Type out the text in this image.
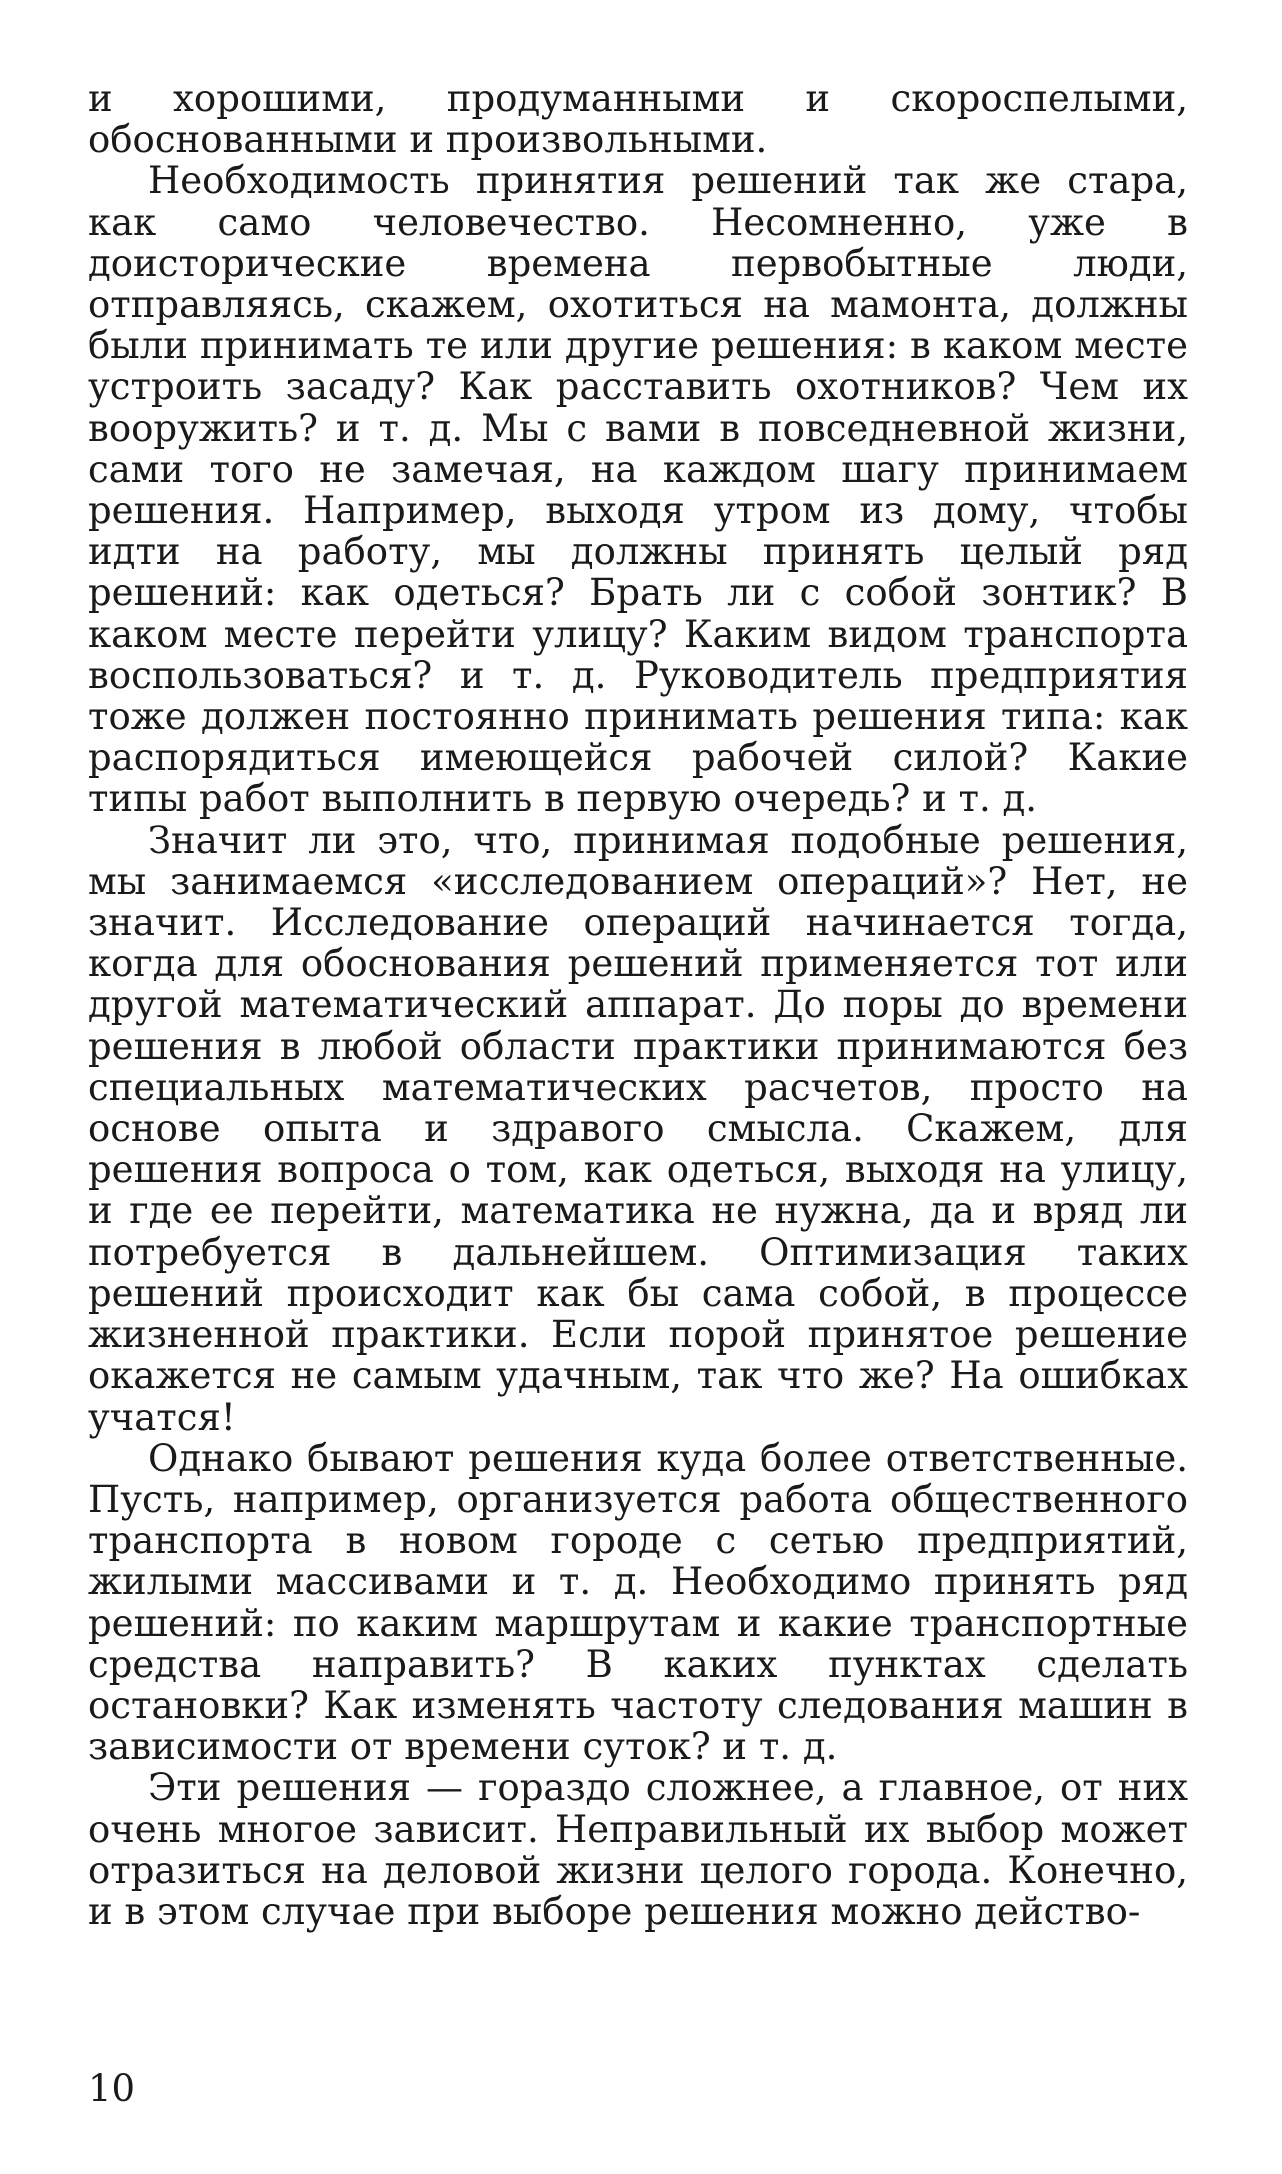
и хорошими, продуманными и скороспелыми, обоснованными и произвольными.

Необходимость принятия решений так же стара, как само человечество. Несомненно, уже в доисторические времена первобытные люди, отправляясь, скажем, охотиться на мамонта, должны были принимать те или другие решения: в каком месте устроить засаду? Как расставить охотников? Чем их вооружить? и т. д. Мы с вами в повседневной жизни, сами того не замечая, на каждом шагу принимаем решения. Например, выходя утром из дому, чтобы идти на работу, мы должны принять целый ряд решений: как одеться? Брать ли с собой зонтик? В каком месте перейти улицу? Каким видом транспорта воспользоваться? и т. д. Руководитель предприятия тоже должен постоянно принимать решения типа: как распорядиться имеющейся рабочей силой? Какие типы работ выполнить в первую очередь? и т. д.

Значит ли это, что, принимая подобные решения, мы занимаемся «исследованием операций»? Нет, не значит. Исследование операций начинается тогда, когда для обоснования решений применяется тот или другой математический аппарат. До поры до времени решения в любой области практики принимаются без специальных математических расчетов, просто на основе опыта и здравого смысла. Скажем, для решения вопроса о том, как одеться, выходя на улицу, и где ее перейти, математика не нужна, да и вряд ли потребуется в дальнейшем. Оптимизация таких решений происходит как бы сама собой, в процессе жизненной практики. Если порой принятое решение окажется не самым удачным, так что же? На ошибках учатся!

Однако бывают решения куда более ответственные. Пусть, например, организуется работа общественного транспорта в новом городе с сетью предприятий, жилыми массивами и т. д. Необходимо принять ряд решений: по каким маршрутам и какие транспортные средства направить? В каких пунктах сделать остановки? Как изменять частоту следования машин в зависимости от времени суток? и т. д.

Эти решения — гораздо сложнее, а главное, от них очень многое зависит. Неправильный их выбор может отразиться на деловой жизни целого города. Конечно, и в этом случае при выборе решения можно действо-

10
